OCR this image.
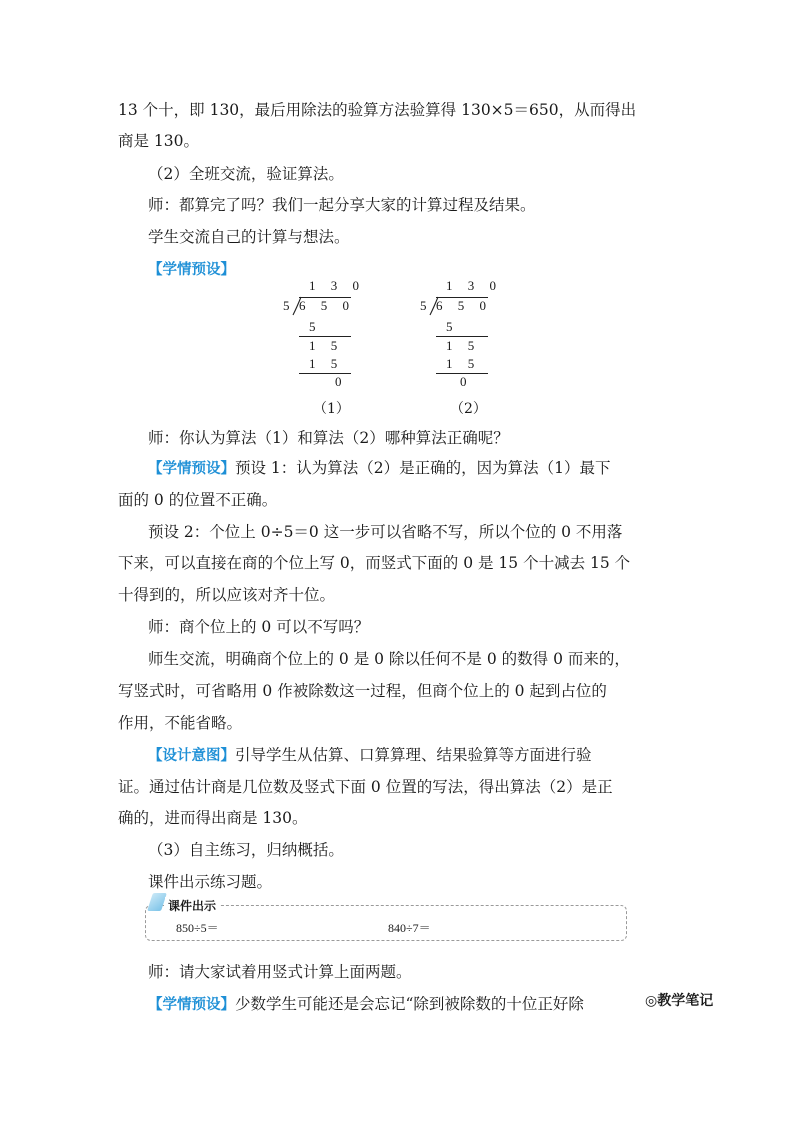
13 个十，即 130，最后用除法的验算方法验算得 130×5＝650，从而得出
商是 130。
（2）全班交流，验证算法。
师：都算完了吗？我们一起分享大家的计算过程及结果。
学生交流自己的计算与想法。
【学情预设】
1 3 0
5 6 5 0
5
1 5
1 5
0
（1）
1 3 0
5 6 5 0
5
1 5
1 5
0
（2）
师：你认为算法（1）和算法（2）哪种算法正确呢？
【学情预设】预设 1：认为算法（2）是正确的，因为算法（1）最下
面的 0 的位置不正确。
预设 2：个位上 0÷5＝0 这一步可以省略不写，所以个位的 0 不用落
下来，可以直接在商的个位上写 0，而竖式下面的 0 是 15 个十减去 15 个
十得到的，所以应该对齐十位。
师：商个位上的 0 可以不写吗？
师生交流，明确商个位上的 0 是 0 除以任何不是 0 的数得 0 而来的，
写竖式时，可省略用 0 作被除数这一过程，但商个位上的 0 起到占位的
作用，不能省略。
【设计意图】引导学生从估算、口算算理、结果验算等方面进行验
证。通过估计商是几位数及竖式下面 0 位置的写法，得出算法（2）是正
确的，进而得出商是 130。
（3）自主练习，归纳概括。
课件出示练习题。
课件出示
850÷5＝	840÷7＝
师：请大家试着用竖式计算上面两题。
【学情预设】少数学生可能还是会忘记“除到被除数的十位正好除	◎教学笔记
